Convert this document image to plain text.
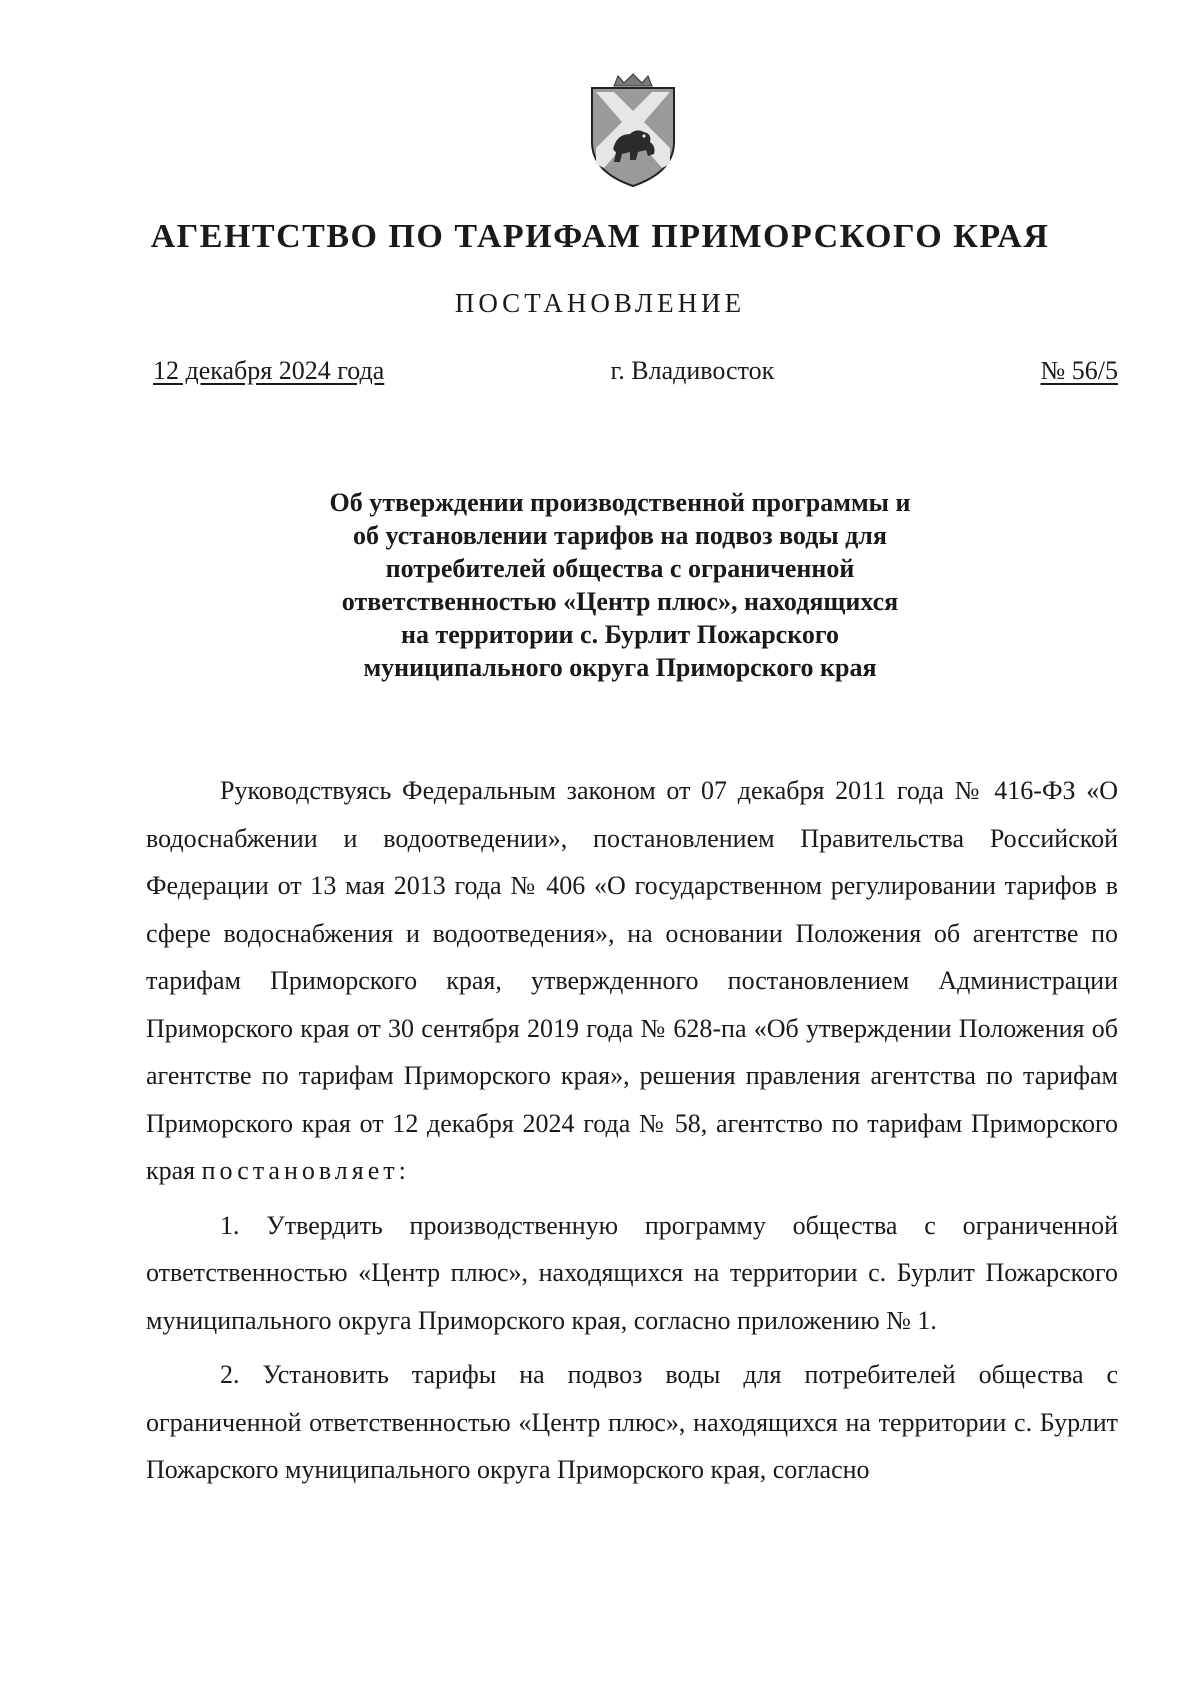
АГЕНТСТВО ПО ТАРИФАМ ПРИМОРСКОГО КРАЯ
ПОСТАНОВЛЕНИЕ
12 декабря 2024 года	г. Владивосток	№ 56/5
Об утверждении производственной программы и
об установлении тарифов на подвоз воды для
потребителей общества с ограниченной
ответственностью «Центр плюс», находящихся
на территории с. Бурлит Пожарского
муниципального округа Приморского края

Руководствуясь Федеральным законом от 07 декабря 2011 года № 416-ФЗ «О водоснабжении и водоотведении», постановлением Правительства Российской Федерации от 13 мая 2013 года № 406 «О государственном регулировании тарифов в сфере водоснабжения и водоотведения», на основании Положения об агентстве по тарифам Приморского края, утвержденного постановлением Администрации Приморского края от 30 сентября 2019 года № 628-па «Об утверждении Положения об агентстве по тарифам Приморского края», решения правления агентства по тарифам Приморского края от 12 декабря 2024 года № 58, агентство по тарифам Приморского края постановляет:

1. Утвердить производственную программу общества с ограниченной ответственностью «Центр плюс», находящихся на территории с. Бурлит Пожарского муниципального округа Приморского края, согласно приложению № 1.

2. Установить тарифы на подвоз воды для потребителей общества с ограниченной ответственностью «Центр плюс», находящихся на территории с. Бурлит Пожарского муниципального округа Приморского края, согласно
